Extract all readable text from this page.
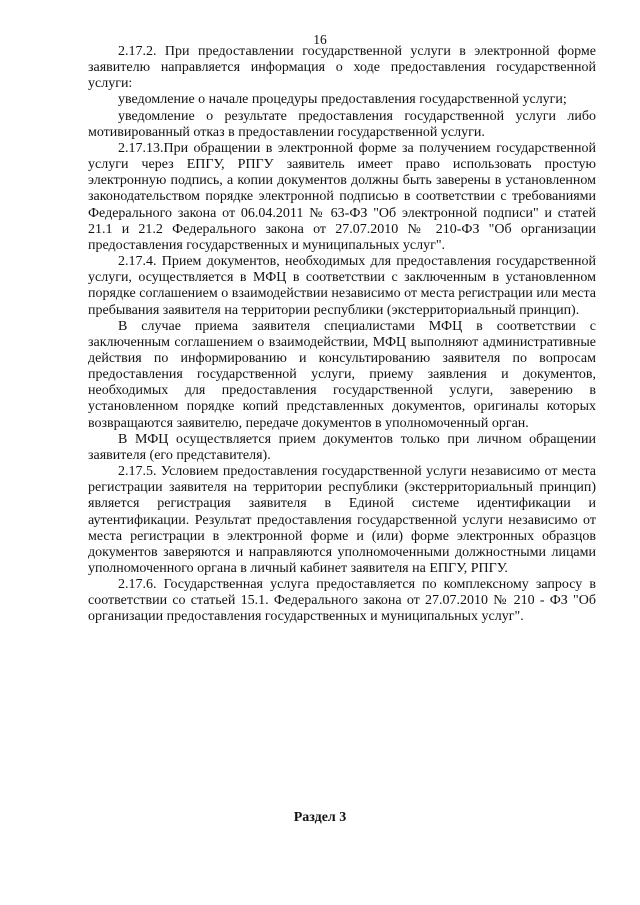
16

2.17.2. При предоставлении государственной услуги в электронной форме заявителю направляется информация о ходе предоставления государственной услуги:

уведомление о начале процедуры предоставления государственной услуги;

уведомление о результате предоставления государственной услуги либо мотивированный отказ в предоставлении государственной услуги.

2.17.13.При обращении в электронной форме за получением государственной услуги через ЕПГУ, РПГУ заявитель имеет право использовать простую электронную подпись, а копии документов должны быть заверены в установленном законодательством порядке электронной подписью в соответствии с требованиями Федерального закона от 06.04.2011 № 63-ФЗ "Об электронной подписи" и статей 21.1 и 21.2 Федерального закона от 27.07.2010 № 210-ФЗ "Об организации предоставления государственных и муниципальных услуг".

2.17.4. Прием документов, необходимых для предоставления государственной услуги, осуществляется в МФЦ в соответствии с заключенным в установленном порядке соглашением о взаимодействии независимо от места регистрации или места пребывания заявителя на территории республики (экстерриториальный принцип).

В случае приема заявителя специалистами МФЦ в соответствии с заключенным соглашением о взаимодействии, МФЦ выполняют административные действия по информированию и консультированию заявителя по вопросам предоставления государственной услуги, приему заявления и документов, необходимых для предоставления государственной услуги, заверению в установленном порядке копий представленных документов, оригиналы которых возвращаются заявителю, передаче документов в уполномоченный орган.

В МФЦ осуществляется прием документов только при личном обращении заявителя (его представителя).

2.17.5. Условием предоставления государственной услуги независимо от места регистрации заявителя на территории республики (экстерриториальный принцип) является регистрация заявителя в Единой системе идентификации и аутентификации. Результат предоставления государственной услуги независимо от места регистрации в электронной форме и (или) форме электронных образцов документов заверяются и направляются уполномоченными должностными лицами уполномоченного органа в личный кабинет заявителя на ЕПГУ, РПГУ.

2.17.6. Государственная услуга предоставляется по комплексному запросу в соответствии со статьей 15.1. Федерального закона от 27.07.2010 № 210 - ФЗ "Об организации предоставления государственных и муниципальных услуг".

Раздел 3
